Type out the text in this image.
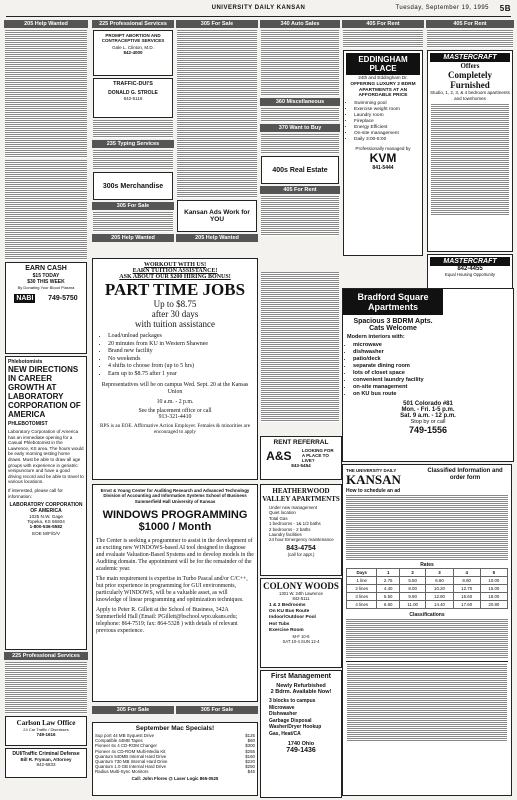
UNIVERSITY DAILY KANSAN	Tuesday, September 19, 1995 5B
205 Help Wanted
EARN CASH
$15 TODAY
$30 THIS WEEK
By Donating Your Blood Plasma
NABI 749-5750
Phlebotomists
NEW DIRECTIONS IN CAREER GROWTH AT LABORATORY CORPORATION OF AMERICA
PHLEBOTOMIST
Laboratory Corporation of America has an immediate opening for a Casual Phlebotomist in the Lawrence, KS area. The hours would be early morning testing home draws. Must be able to draw all age groups with experience in geriatric venipuncture and have a good driving record and be able to travel to various locations.
If interested, please call for information:
LABORATORY CORPORATION OF AMERICA
1025 N.W. Gage
Topeka, KS 66604
1-800-536-5582
EOE M/F/D/V
225 Professional Services
Carlson Law Office
24 Car Traffic / Dismisses
749-1616
DUI/Traffic Criminal Defense
Bill R. Fryman, Attorney
842-5833
225 Professional Services
PROMPT ABORTION AND CONTRACEPTIVE SERVICES
Gale L. Clinton, M.D.
842-4000
TRAFFIC-DUI'S
DONALD G. STROLE
842-5116
235 Typing Services
300s Merchandise
305 For Sale
205 Help Wanted
305 For Sale
Kansan Ads Work for YOU
205 Help Wanted
340 Auto Sales
360 Miscellaneous
370 Want to Buy
400s Real Estate
405 For Rent
405 For Rent
EDDINGHAM PLACE
24th and Eddingham Dr.
OFFERING LUXURY 2 BDRM APARTMENTS AT AN AFFORDABLE PRICE
• Swimming pool
• Exercise weight room
• Laundry room
• Fireplace
• Energy Efficient
• On-site management
• Daily 3:00-5:00
Professionally managed by
KVM
841-5444
405 For Rent
MASTERCRAFT
Offers
Completely Furnished
Studio, 1, 2, 3, & 4 bedroom apartments and townhomes
MASTERCRAFT
842-4455
Equal Housing Opportunity
Bradford Square Apartments
Spacious 3 BDRM Apts.
Cats Welcome
Modern interiors with:
• microwave
• dishwasher
• patio/deck
• separate dining room
• lots of closet space
• convenient laundry facility
• on-site management
• on KU bus route
501 Colorado #81
Mon. - Fri. 1-5 p.m.
Sat. 9 a.m. - 12 p.m.
Stop by or call
749-1556
WORKOUT WITH US!
EARN TUITION ASSISTANCE!
ASK ABOUT OUR $200 HIRING BONUS!
PART TIME JOBS
Up to $8.75
after 30 days
with tuition assistance
• Load/unload packages
• 20 minutes from KU in Western Shawnee
• Brand new facility
• No weekends
• 4 shifts to choose from (up to 5 hrs)
• Earn up to $8.75 after 1 year
Representatives will be on campus Wed. Sept. 20 at the Kansas Union
10 a.m. - 2 p.m.
See the placement office or call
913-321-4410
RPS is an EOE. Affirmative Action Employer. Females & minorities are encouraged to apply
Ernst & Young Center for Auditing Research and Advanced Technology Division of Accounting and Information Systems School of Business Summerfield Hall University of Kansas
WINDOWS PROGRAMMING $1000 / Month
The Center is seeking a programmer to assist in the development of an exciting new WINDOWS-based AI tool designed to diagnose and evaluate Valuation-Based Systems and to develop models in the Auditing domain. The appointment will be for the remainder of the academic year.
The main requirement is expertise in Turbo Pascal and/or C/C++, but prior experience in programming for GUI environments, particularly WINDOWS, will be a valuable asset, as will knowledge of linear programming and optimization techniques.
Apply to Peter R. Gillett at the School of Business, 342A Summerfield Hall (Email: PGillett@bschool.wpo.ukans.edu; telephone: 864-7519; fax: 864-5328 ) with details of relevant previous experience.
305 For Sale	305 For Sale
September Mac Specials!
Sup port 44 MB Syquest Drive	$125
Compatible 44MB Tapes	$60
Pioneer 6x 4 CD-ROM Changer	$300
Pioneer 4x CD-ROM Multi-Media Kit	$255
Quantum 540MB Internal Hard Drive	$160
Quantum 730 MB Internal Hard Drive	$220
Quantum 1.0 GB Internal Hard Drive	$250
Radius Multi-Sync Monitors	$45
Call: John Flores @ Laser Logic 865-0525
RENT REFERRAL
A&S LOOKING FOR A PLACE TO LIVE?
843-5454
HEATHERWOOD VALLEY APARTMENTS
• Under new management
• Quiet location
• Total Gas
• 1 bedrooms - 1& 1/2 baths
• 2 bedrooms - 2 baths
• Laundry facilities
• 24 hour Emergency maintenance
843-4754
(call for appt.)
COLONY WOODS
1301 W. 24th Lawrence
842-5111
• 1 & 2 Bedrooms
• On KU Bus Route
• Indoor/Outdoor Pool
• Hot Tubs
• Exercise Room
M-F 10-6
SAT 10-4 SUN 12-4
First Management
Newly Refurbished
2 Bdrm. Available Now!
• 3 blocks to campus
• Microwave
• Dishwasher
• Garbage Disposal
• Washer/Dryer Hookup
• Gas, Heat/CA
1740 Ohio
749-1436
THE UNIVERSITY DAILY
KANSAN
Classified Information and order form
How to schedule an ad
Rates
Days	1	2	3	4	5
1 line	2.75	5.50	6.60	8.80	10.00
2 lines	4.40	8.00	10.20	12.70	15.00
3 lines	5.50	9.90	12.80	15.60	18.00
4 lines	6.60	11.00	14.40	17.60	20.80
Classifications
